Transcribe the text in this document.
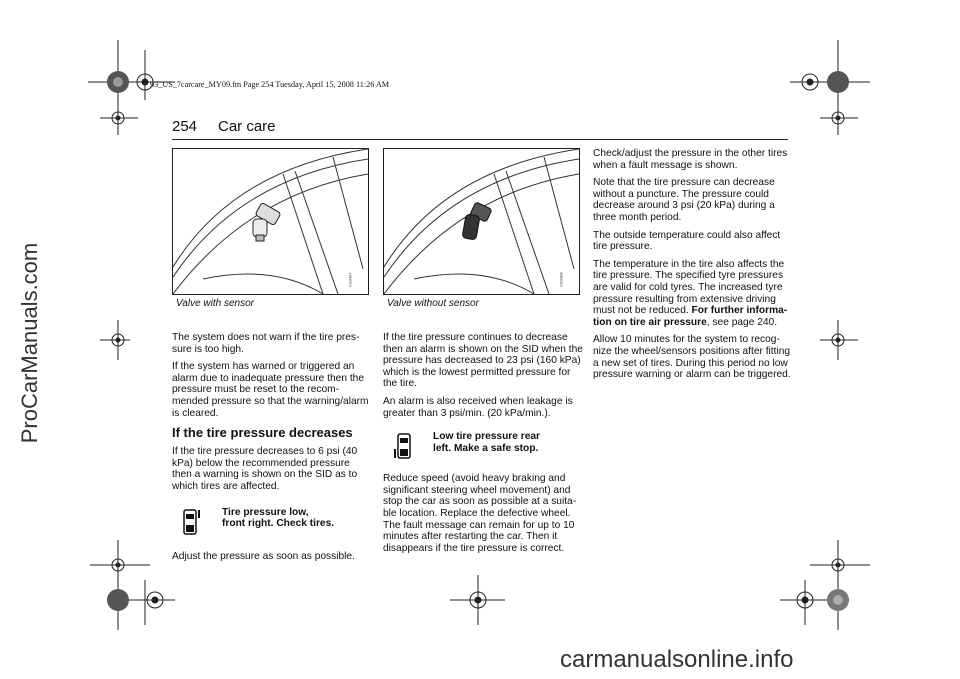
93_US_7carcare_MY09.fm Page 254 Tuesday, April 15, 2008 11:26 AM
254 Car care
I003487
Valve with sensor
I003488
Valve without sensor

The system does not warn if the tire pres-sure is too high.

If the system has warned or triggered an alarm due to inadequate pressure then the pressure must be reset to the recom-mended pressure so that the warning/alarm is cleared.

If the tire pressure decreases

If the tire pressure decreases to 6 psi (40 kPa) below the recommended pressure then a warning is shown on the SID as to which tires are affected.

Tire pressure low,
front right. Check tires.

Adjust the pressure as soon as possible.

If the tire pressure continues to decrease then an alarm is shown on the SID when the pressure has decreased to 23 psi (160 kPa) which is the lowest permitted pressure for the tire.

An alarm is also received when leakage is greater than 3 psi/min. (20 kPa/min.).

Low tire pressure rear
left. Make a safe stop.

Reduce speed (avoid heavy braking and significant steering wheel movement) and stop the car as soon as possible at a suita-ble location. Replace the defective wheel. The fault message can remain for up to 10 minutes after restarting the car. Then it disappears if the tire pressure is correct.

Check/adjust the pressure in the other tires when a fault message is shown.

Note that the tire pressure can decrease without a puncture. The pressure could decrease around 3 psi (20 kPa) during a three month period.

The outside temperature could also affect tire pressure.

The temperature in the tire also affects the tire pressure. The specified tyre pressures are valid for cold tyres. The increased tyre pressure resulting from extensive driving must not be reduced. For further informa-tion on tire air pressure, see page 240.

Allow 10 minutes for the system to recog-nize the wheel/sensors positions after fitting a new set of tires. During this period no low pressure warning or alarm can be triggered.

ProCarManuals.com
carmanualsonline.info
